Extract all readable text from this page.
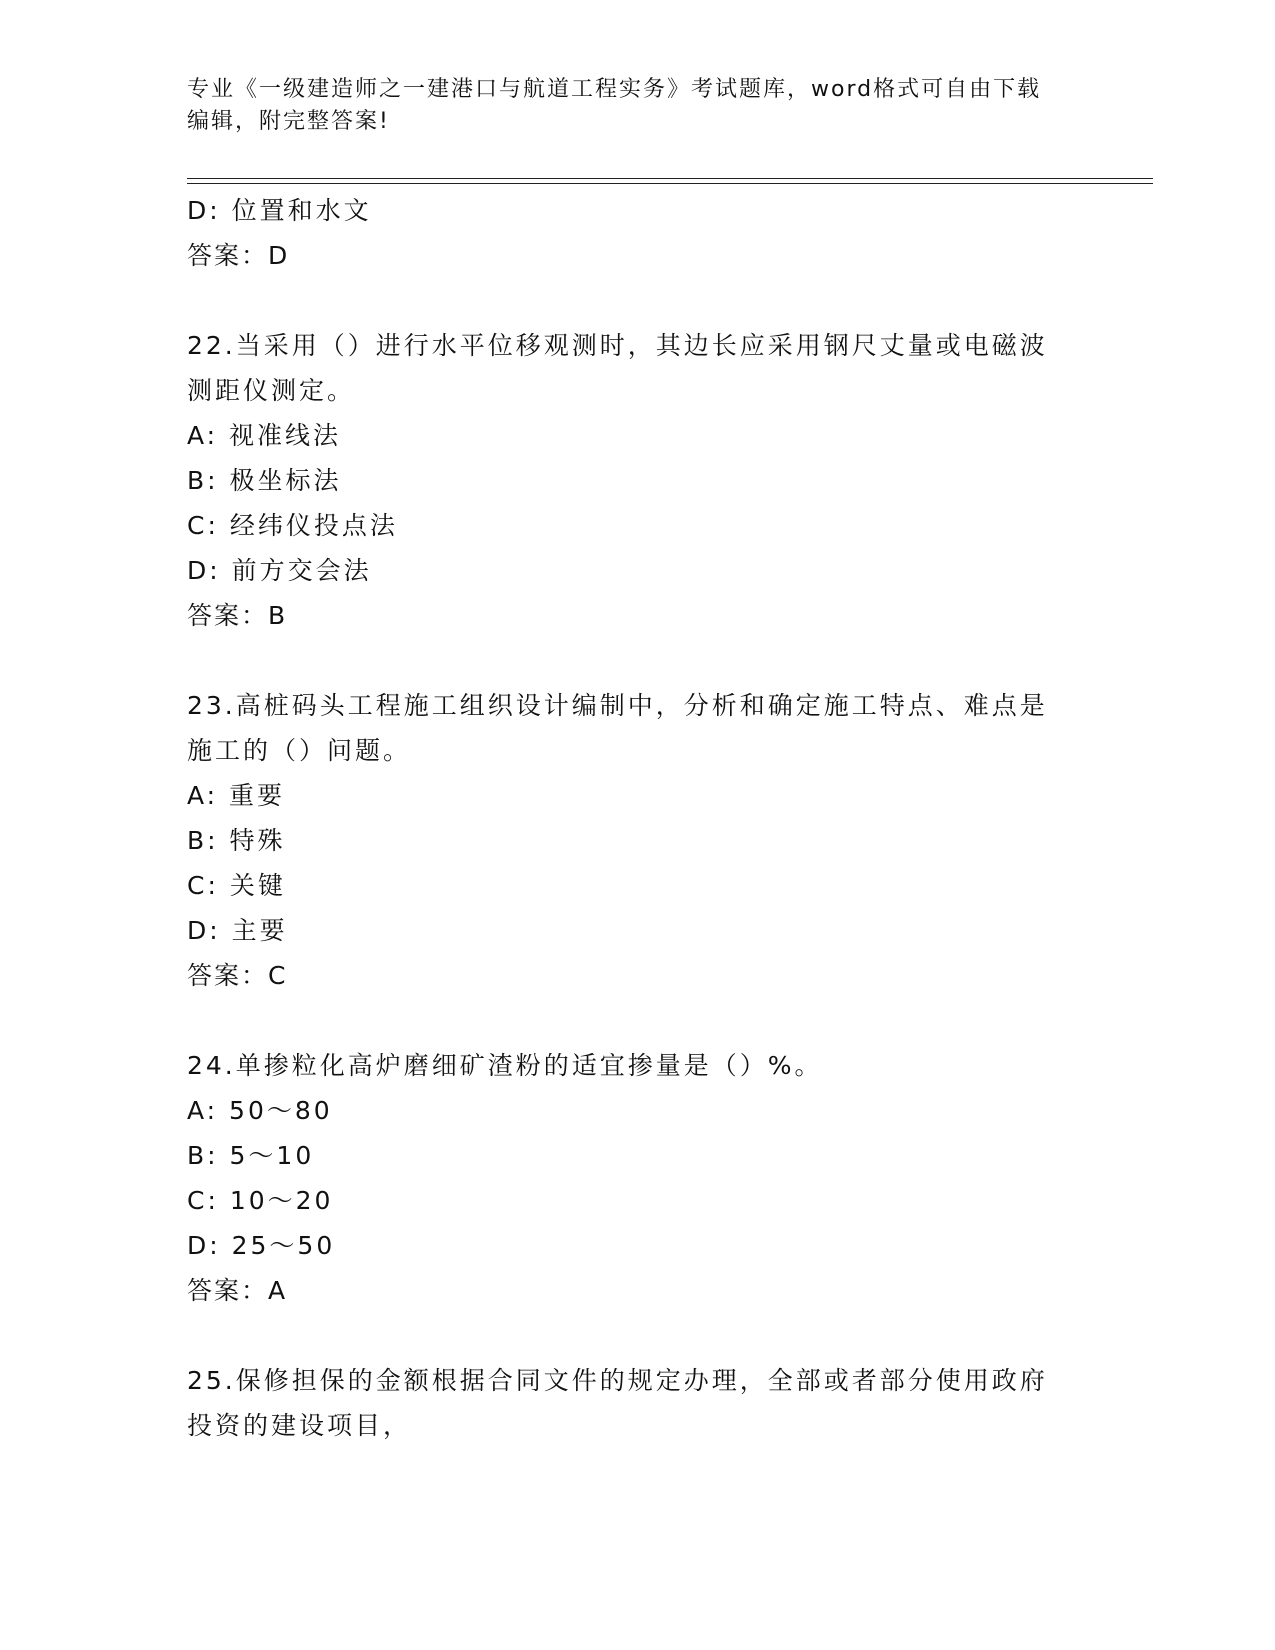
专业《一级建造师之一建港口与航道工程实务》考试题库，word格式可自由下载
编辑，附完整答案!
D: 位置和水文
答案：D
22.当采用（）进行水平位移观测时，其边长应采用钢尺丈量或电磁波
测距仪测定。
A: 视准线法
B: 极坐标法
C: 经纬仪投点法
D: 前方交会法
答案：B
23.高桩码头工程施工组织设计编制中，分析和确定施工特点、难点是
施工的（）问题。
A: 重要
B: 特殊
C: 关键
D: 主要
答案：C
24.单掺粒化高炉磨细矿渣粉的适宜掺量是（）%。
A: 50～80
B: 5～10
C: 10～20
D: 25～50
答案：A
25.保修担保的金额根据合同文件的规定办理，全部或者部分使用政府
投资的建设项目，
